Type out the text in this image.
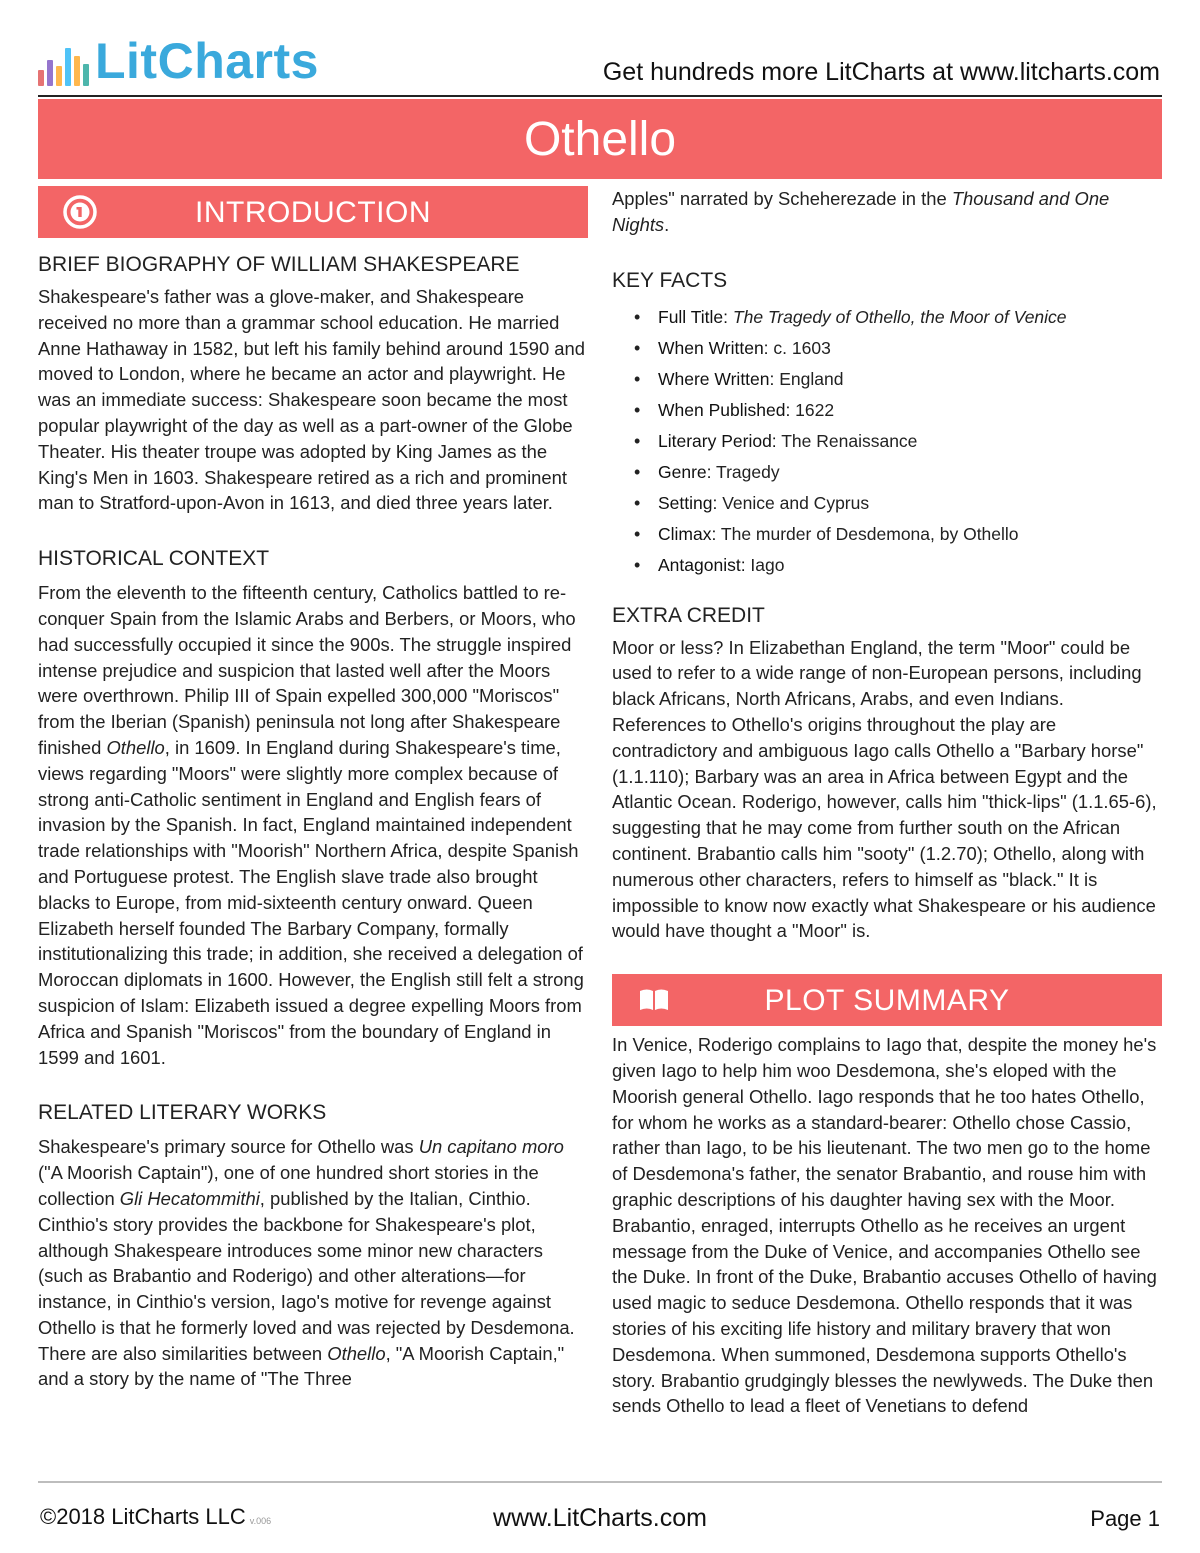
LitCharts	Get hundreds more LitCharts at www.litcharts.com
Othello
INTRODUCTION
BRIEF BIOGRAPHY OF WILLIAM SHAKESPEARE

Shakespeare's father was a glove-maker, and Shakespeare received no more than a grammar school education. He married Anne Hathaway in 1582, but left his family behind around 1590 and moved to London, where he became an actor and playwright. He was an immediate success: Shakespeare soon became the most popular playwright of the day as well as a part-owner of the Globe Theater. His theater troupe was adopted by King James as the King's Men in 1603. Shakespeare retired as a rich and prominent man to Stratford-upon-Avon in 1613, and died three years later.

HISTORICAL CONTEXT

From the eleventh to the fifteenth century, Catholics battled to re-conquer Spain from the Islamic Arabs and Berbers, or Moors, who had successfully occupied it since the 900s. The struggle inspired intense prejudice and suspicion that lasted well after the Moors were overthrown. Philip III of Spain expelled 300,000 "Moriscos" from the Iberian (Spanish) peninsula not long after Shakespeare finished Othello, in 1609. In England during Shakespeare's time, views regarding "Moors" were slightly more complex because of strong anti-Catholic sentiment in England and English fears of invasion by the Spanish. In fact, England maintained independent trade relationships with "Moorish" Northern Africa, despite Spanish and Portuguese protest. The English slave trade also brought blacks to Europe, from mid-sixteenth century onward. Queen Elizabeth herself founded The Barbary Company, formally institutionalizing this trade; in addition, she received a delegation of Moroccan diplomats in 1600. However, the English still felt a strong suspicion of Islam: Elizabeth issued a degree expelling Moors from Africa and Spanish "Moriscos" from the boundary of England in 1599 and 1601.

RELATED LITERARY WORKS

Shakespeare's primary source for Othello was Un capitano moro ("A Moorish Captain"), one of one hundred short stories in the collection Gli Hecatommithi, published by the Italian, Cinthio. Cinthio's story provides the backbone for Shakespeare's plot, although Shakespeare introduces some minor new characters (such as Brabantio and Roderigo) and other alterations—for instance, in Cinthio's version, Iago's motive for revenge against Othello is that he formerly loved and was rejected by Desdemona. There are also similarities between Othello, "A Moorish Captain," and a story by the name of "The Three

Apples" narrated by Scheherezade in the Thousand and One Nights.

KEY FACTS
• Full Title: The Tragedy of Othello, the Moor of Venice
• When Written: c. 1603
• Where Written: England
• When Published: 1622
• Literary Period: The Renaissance
• Genre: Tragedy
• Setting: Venice and Cyprus
• Climax: The murder of Desdemona, by Othello
• Antagonist: Iago
EXTRA CREDIT

Moor or less? In Elizabethan England, the term "Moor" could be used to refer to a wide range of non-European persons, including black Africans, North Africans, Arabs, and even Indians. References to Othello's origins throughout the play are contradictory and ambiguous Iago calls Othello a "Barbary horse" (1.1.110); Barbary was an area in Africa between Egypt and the Atlantic Ocean. Roderigo, however, calls him "thick-lips" (1.1.65-6), suggesting that he may come from further south on the African continent. Brabantio calls him "sooty" (1.2.70); Othello, along with numerous other characters, refers to himself as "black." It is impossible to know now exactly what Shakespeare or his audience would have thought a "Moor" is.

PLOT SUMMARY

In Venice, Roderigo complains to Iago that, despite the money he's given Iago to help him woo Desdemona, she's eloped with the Moorish general Othello. Iago responds that he too hates Othello, for whom he works as a standard-bearer: Othello chose Cassio, rather than Iago, to be his lieutenant. The two men go to the home of Desdemona's father, the senator Brabantio, and rouse him with graphic descriptions of his daughter having sex with the Moor. Brabantio, enraged, interrupts Othello as he receives an urgent message from the Duke of Venice, and accompanies Othello see the Duke. In front of the Duke, Brabantio accuses Othello of having used magic to seduce Desdemona. Othello responds that it was stories of his exciting life history and military bravery that won Desdemona. When summoned, Desdemona supports Othello's story. Brabantio grudgingly blesses the newlyweds. The Duke then sends Othello to lead a fleet of Venetians to defend

©2018 LitCharts LLC v.006	www.LitCharts.com	Page 1
